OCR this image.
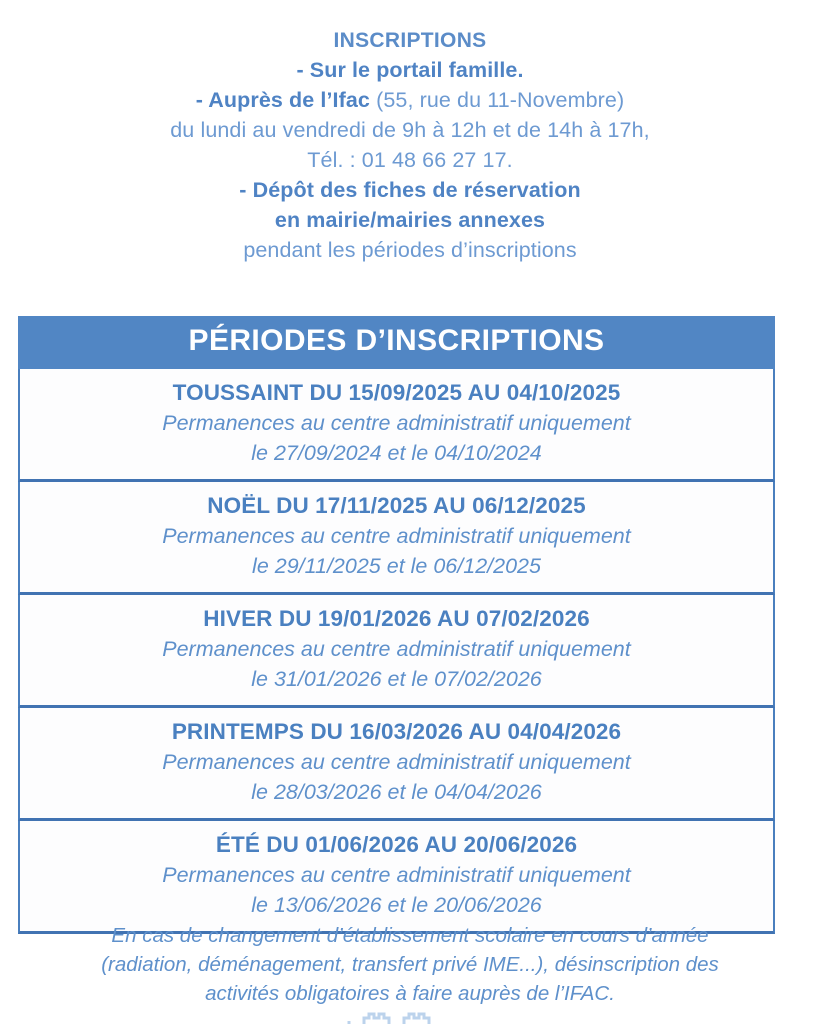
INSCRIPTIONS
- Sur le portail famille.
- Auprès de l’Ifac (55, rue du 11-Novembre)
du lundi au vendredi de 9h à 12h et de 14h à 17h,
Tél. : 01 48 66 27 17.
- Dépôt des fiches de réservation
en mairie/mairies annexes
pendant les périodes d’inscriptions
PÉRIODES D’INSCRIPTIONS
TOUSSAINT DU 15/09/2025 AU 04/10/2025
Permanences au centre administratif uniquement
le 27/09/2024 et le 04/10/2024
NOËL DU 17/11/2025 AU 06/12/2025
Permanences au centre administratif uniquement
le 29/11/2025 et le 06/12/2025
HIVER DU 19/01/2026 AU 07/02/2026
Permanences au centre administratif uniquement
le 31/01/2026 et le 07/02/2026
PRINTEMPS DU 16/03/2026 AU 04/04/2026
Permanences au centre administratif uniquement
le 28/03/2026 et le 04/04/2026
ÉTÉ DU 01/06/2026 AU 20/06/2026
Permanences au centre administratif uniquement
le 13/06/2026 et le 20/06/2026
En cas de changement d’établissement scolaire en cours d’année
(radiation, déménagement, transfert privé IME...), désinscription des
activités obligatoires à faire auprès de l’IFAC.
